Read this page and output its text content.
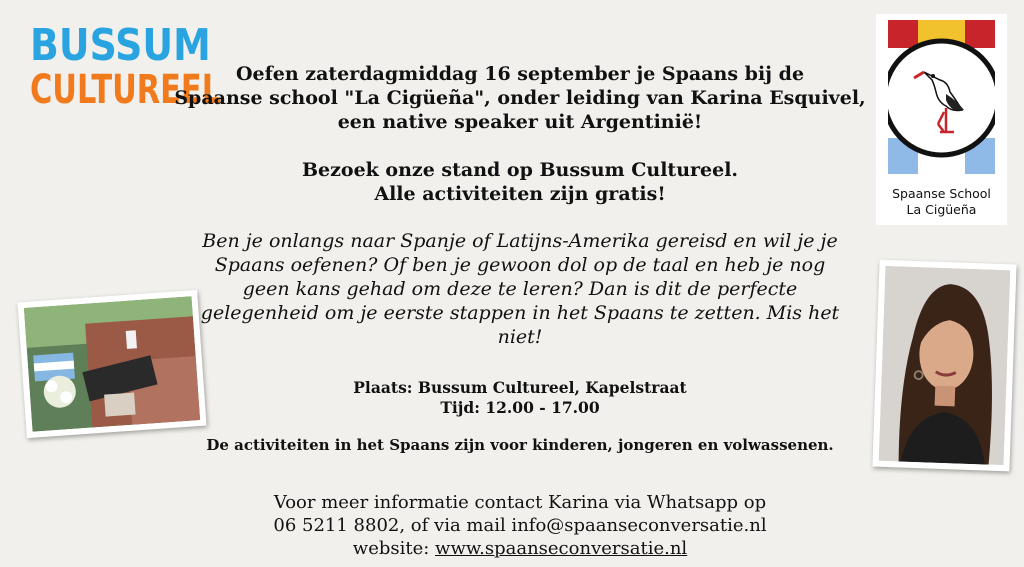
BUSSUM
CULTUREEL Oefen zaterdagmiddag 16 september je Spaans bij de
Spaanse school "La Cigüeña", onder leiding van Karina Esquivel,
een native speaker uit Argentinië!
Bezoek onze stand op Bussum Cultureel.
Alle activiteiten zijn gratis!
Ben je onlangs naar Spanje of Latijns-Amerika gereisd en wil je je
Spaans oefenen? Of ben je gewoon dol op de taal en heb je nog
geen kans gehad om deze te leren? Dan is dit de perfecte
gelegenheid om je eerste stappen in het Spaans te zetten. Mis het
niet!
Plaats: Bussum Cultureel, Kapelstraat
Tijd: 12.00 - 17.00
De activiteiten in het Spaans zijn voor kinderen, jongeren en volwassenen.
Voor meer informatie contact Karina via Whatsapp op
06 5211 8802, of via mail info@spaanseconversatie.nl
website: www.spaanseconversatie.nl
Spaanse School
La Cigüeña
